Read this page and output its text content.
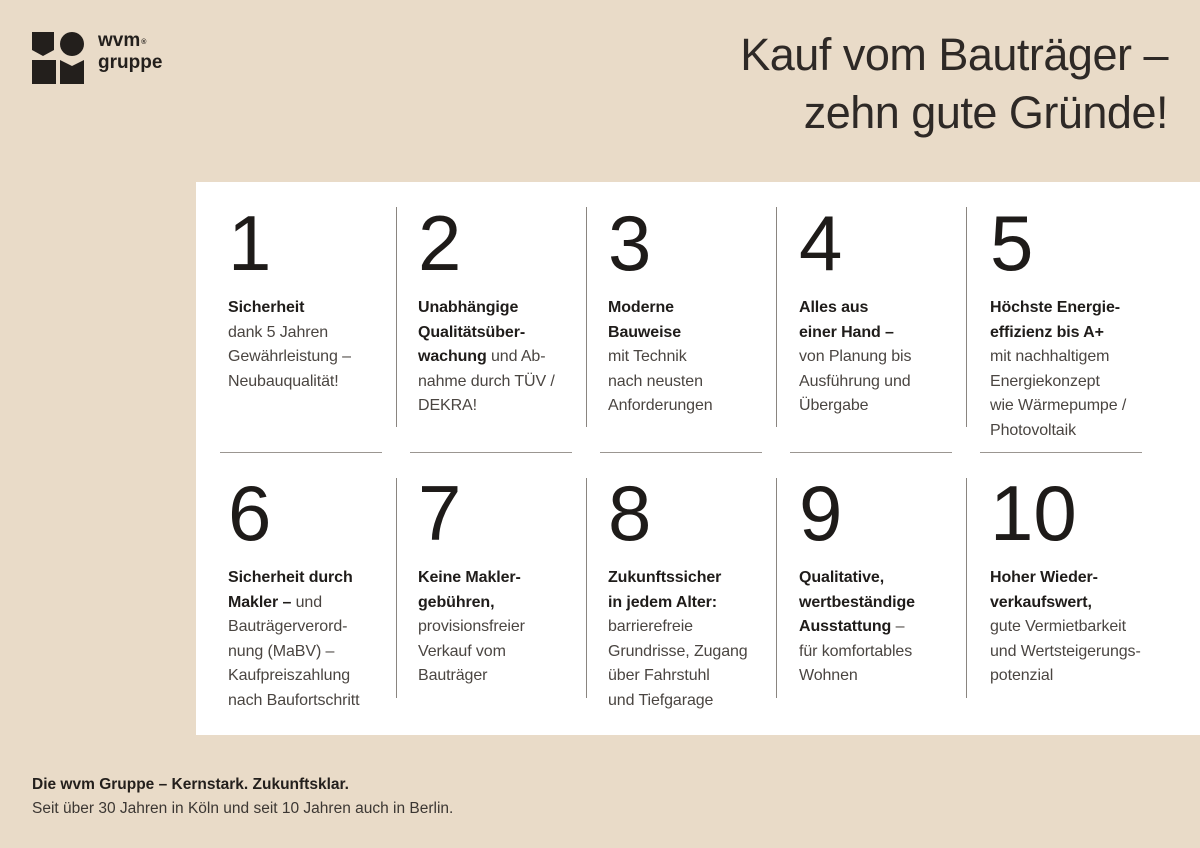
wvm®
gruppe	Kauf vom Bauträger –
zehn gute Gründe!
1

Sicherheit
dank 5 Jahren
Gewährleistung –
Neubauqualität!

2

Unabhängige
Qualitätsüber-
wachung und Ab-
nahme durch TÜV /
DEKRA!

3

Moderne
Bauweise
mit Technik
nach neusten
Anforderungen

4

Alles aus
einer Hand –
von Planung bis
Ausführung und
Übergabe

5

Höchste Energie-
effizienz bis A+
mit nachhaltigem
Energiekonzept
wie Wärmepumpe /
Photovoltaik

6

Sicherheit durch
Makler – und
Bauträgerverord-
nung (MaBV) –
Kaufpreiszahlung
nach Baufortschritt

7

Keine Makler-
gebühren,
provisionsfreier
Verkauf vom
Bauträger

8

Zukunftssicher
in jedem Alter:
barrierefreie
Grundrisse, Zugang
über Fahrstuhl
und Tiefgarage

9

Qualitative,
wertbeständige
Ausstattung –
für komfortables
Wohnen

10

Hoher Wieder-
verkaufswert,
gute Vermietbarkeit
und Wertsteigerungs-
potenzial

Die wvm Gruppe – Kernstark. Zukunftsklar.
Seit über 30 Jahren in Köln und seit 10 Jahren auch in Berlin.
